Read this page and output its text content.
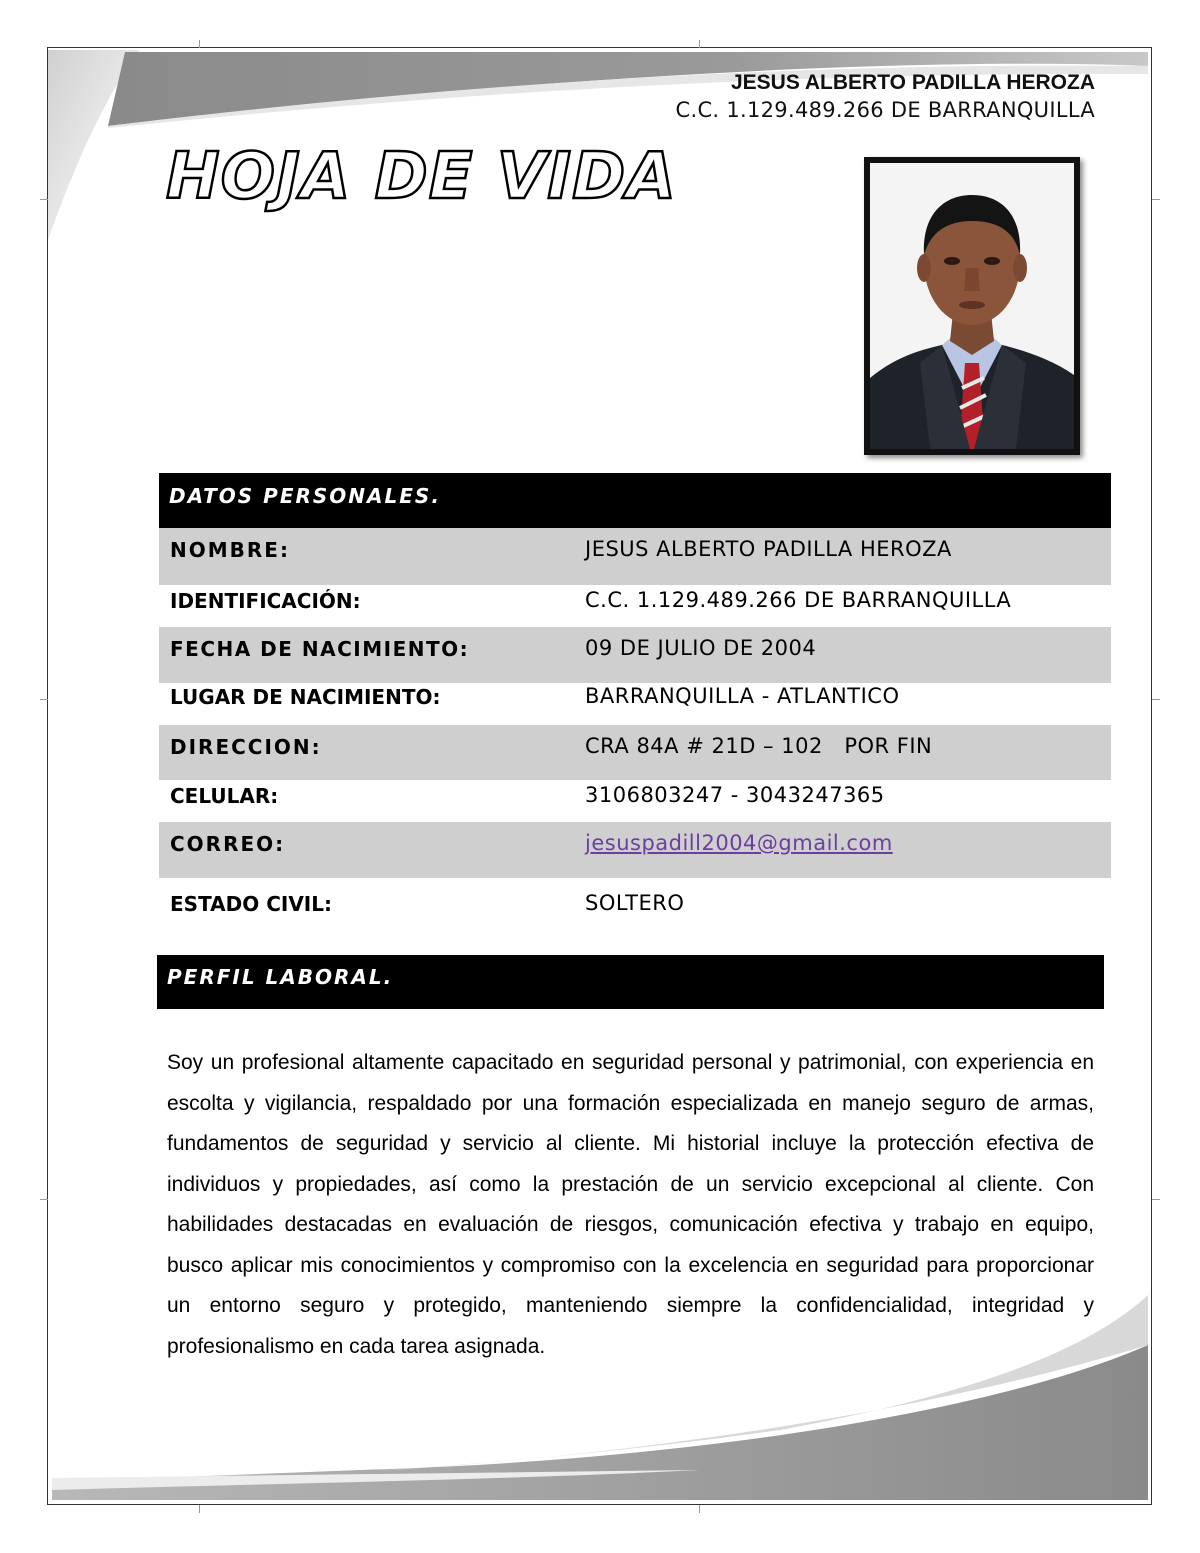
JESUS ALBERTO PADILLA HEROZA
C.C. 1.129.489.266 DE BARRANQUILLA
HOJA DE VIDA
DATOS PERSONALES.
NOMBRE:	JESUS ALBERTO PADILLA HEROZA
IDENTIFICACIÓN:	C.C. 1.129.489.266 DE BARRANQUILLA
FECHA DE NACIMIENTO:	09 DE JULIO DE 2004
LUGAR DE NACIMIENTO:	BARRANQUILLA - ATLANTICO
DIRECCION:	CRA 84A # 21D – 102   POR FIN
CELULAR:	3106803247 - 3043247365
CORREO:	jesuspadill2004@gmail.com
ESTADO CIVIL:	SOLTERO
PERFIL LABORAL.
Soy un profesional altamente capacitado en seguridad personal y patrimonial, con experiencia en escolta y vigilancia, respaldado por una formación especializada en manejo seguro de armas, fundamentos de seguridad y servicio al cliente. Mi historial incluye la protección efectiva de individuos y propiedades, así como la prestación de un servicio excepcional al cliente. Con habilidades destacadas en evaluación de riesgos, comunicación efectiva y trabajo en equipo, busco aplicar mis conocimientos y compromiso con la excelencia en seguridad para proporcionar un entorno seguro y protegido, manteniendo siempre la confidencialidad, integridad y profesionalismo en cada tarea asignada.
